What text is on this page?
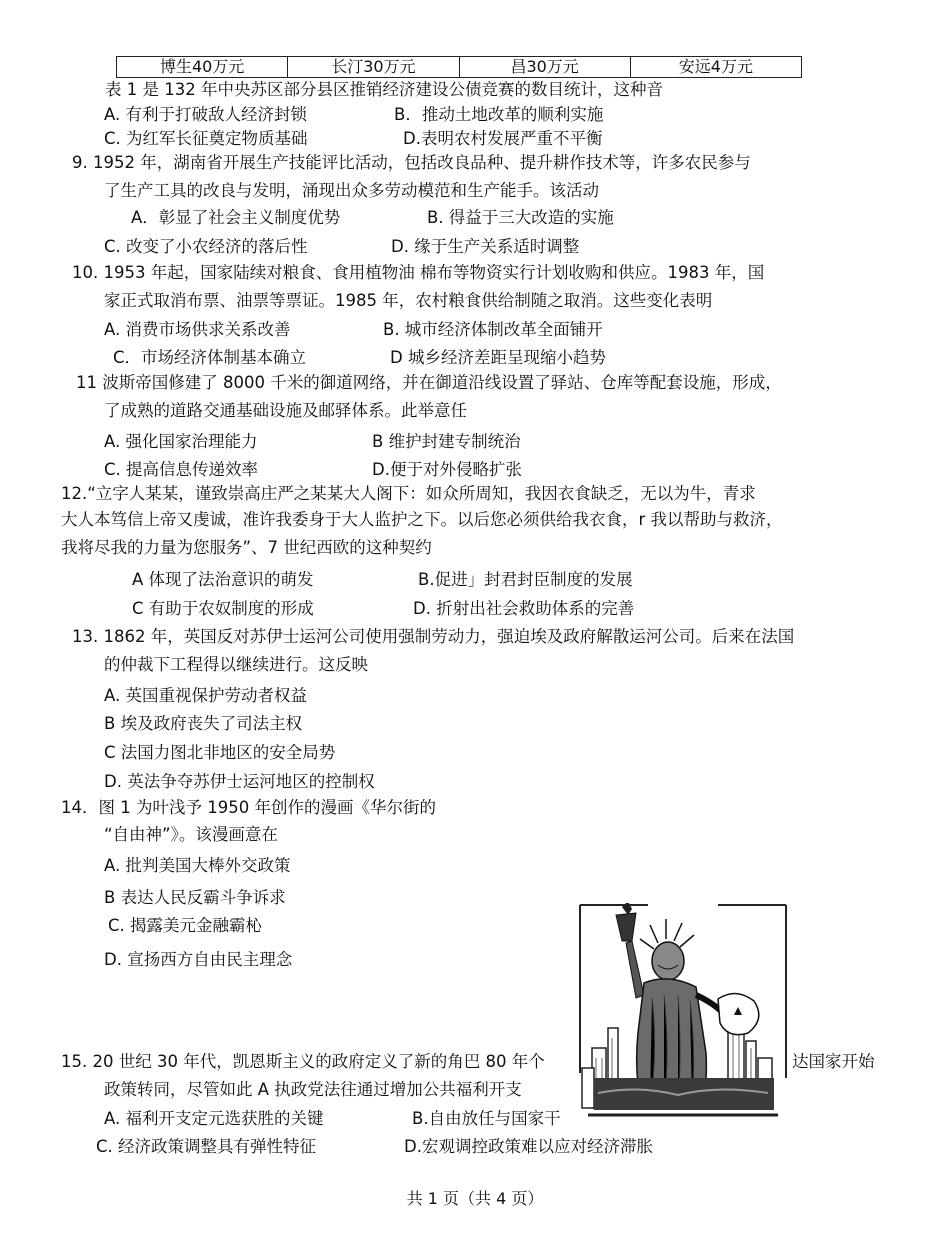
博生40万元	长汀30万元	昌30万元	安远4万元
表 1 是 132 年中央苏区部分县区推销经济建设公债竞赛的数目统计，这种音
A. 有利于打破敌人经济封锁	B．推动土地改革的顺利实施
C. 为红军长征奠定物质基础	D.表明农村发展严重不平衡
9. 1952 年，湖南省开展生产技能评比活动，包括改良品种、提升耕作技术等，许多农民参与
了生产工具的改良与发明，涌现出众多劳动模范和生产能手。该活动
A．彰显了社会主义制度优势	B. 得益于三大改造的实施
C. 改变了小农经济的落后性	D. 缘于生产关系适时调整
10. 1953 年起，国家陆续对粮食、食用植物油 棉布等物资实行计划收购和供应。1983 年，国
家正式取消布票、油票等票证。1985 年，农村粮食供给制随之取消。这些变化表明
A. 消费市场供求关系改善	B. 城市经济体制改革全面铺开
C．市场经济体制基本确立	D 城乡经济差距呈现缩小趋势
11 波斯帝国修建了 8000 千米的御道网络，并在御道沿线设置了驿站、仓库等配套设施，形成，
了成熟的道路交通基础设施及邮驿体系。此举意任
A. 强化国家治理能力	B 维护封建专制统治
C. 提高信息传递效率	D.便于对外侵略扩张
12.“立字人某某，谨致崇高庄严之某某大人阁下：如众所周知，我因衣食缺乏，无以为牛，青求
大人本笃信上帝又虔诚，准许我委身于大人监护之下。以后您必须供给我衣食，r 我以帮助与救济，
我将尽我的力量为您服务”、7 世纪西欧的这种契约
A 体现了法治意识的萌发	B.促进」封君封臣制度的发展
C 有助于农奴制度的形成	D. 折射出社会救助体系的完善
13. 1862 年，英国反对苏伊士运河公司使用强制劳动力，强迫埃及政府解散运河公司。后来在法国
的仲裁下工程得以继续进行。这反映
A. 英国重视保护劳动者权益
B 埃及政府丧失了司法主权
C 法国力图北非地区的安全局势
D. 英法争夺苏伊士运河地区的控制权
14．图 1 为叶浅予 1950 年创作的漫画《华尔街的
“自由神”》。该漫画意在
A. 批判美国大棒外交政策
B 表达人民反霸斗争诉求
C. 揭露美元金融霸杺
D. 宣扬西方自由民主理念
15. 20 世纪 30 年代，凯恩斯主义的政府定义了新的角巴 80 年个	达国家开始
政策转同，尽管如此 A 执政党法往通过增加公共福利开支
A. 福利开支定元选获胜的关键	B.自由放任与国家干
C. 经济政策调整具有弹性特征	D.宏观调控政策难以应对经济滞胀
共 1 页（共 4 页）
